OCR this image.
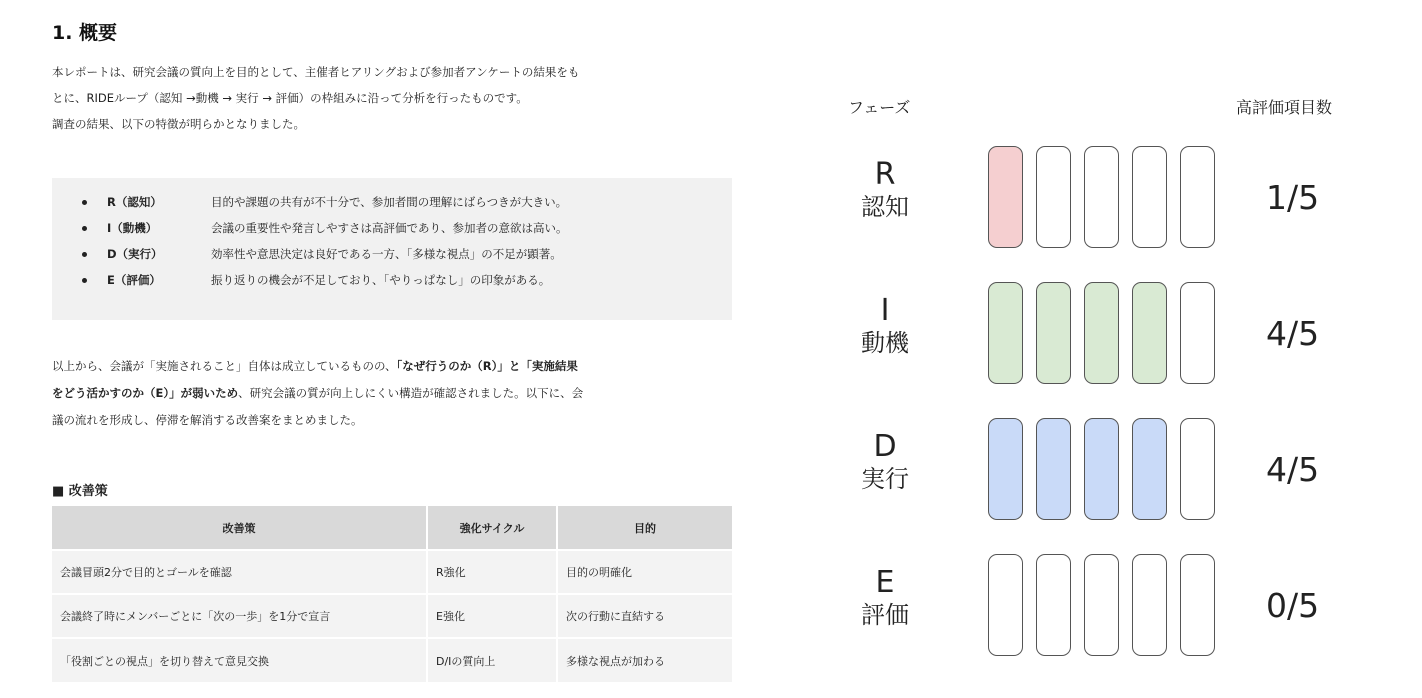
1. 概要

本レポートは、研究会議の質向上を目的として、主催者ヒアリングおよび参加者アンケートの結果をも

とに、RIDEループ（認知 →動機 → 実行 → 評価）の枠組みに沿って分析を行ったものです。

調査の結果、以下の特徴が明らかとなりました。

R（認知）	目的や課題の共有が不十分で、参加者間の理解にばらつきが大きい。
I（動機）	会議の重要性や発言しやすさは高評価であり、参加者の意欲は高い。
D（実行）	効率性や意思決定は良好である一方、「多様な視点」の不足が顕著。
E（評価）	振り返りの機会が不足しており、「やりっぱなし」の印象がある。
以上から、会議が「実施されること」自体は成立しているものの、「なぜ行うのか（R）」と「実施結果
をどう活かすのか（E）」が弱いため、研究会議の質が向上しにくい構造が確認されました。以下に、会
議の流れを形成し、停滞を解消する改善案をまとめました。
■ 改善策
改善策	強化サイクル	目的
会議冒頭2分で目的とゴールを確認	R強化	目的の明確化
会議終了時にメンバーごとに「次の一歩」を1分で宣言	E強化	次の行動に直結する
「役割ごとの視点」を切り替えて意見交換	D/Iの質向上	多様な視点が加わる
フェーズ	高評価項目数
R
認知	1/5
I
動機	4/5
D
実行	4/5
E
評価	0/5
